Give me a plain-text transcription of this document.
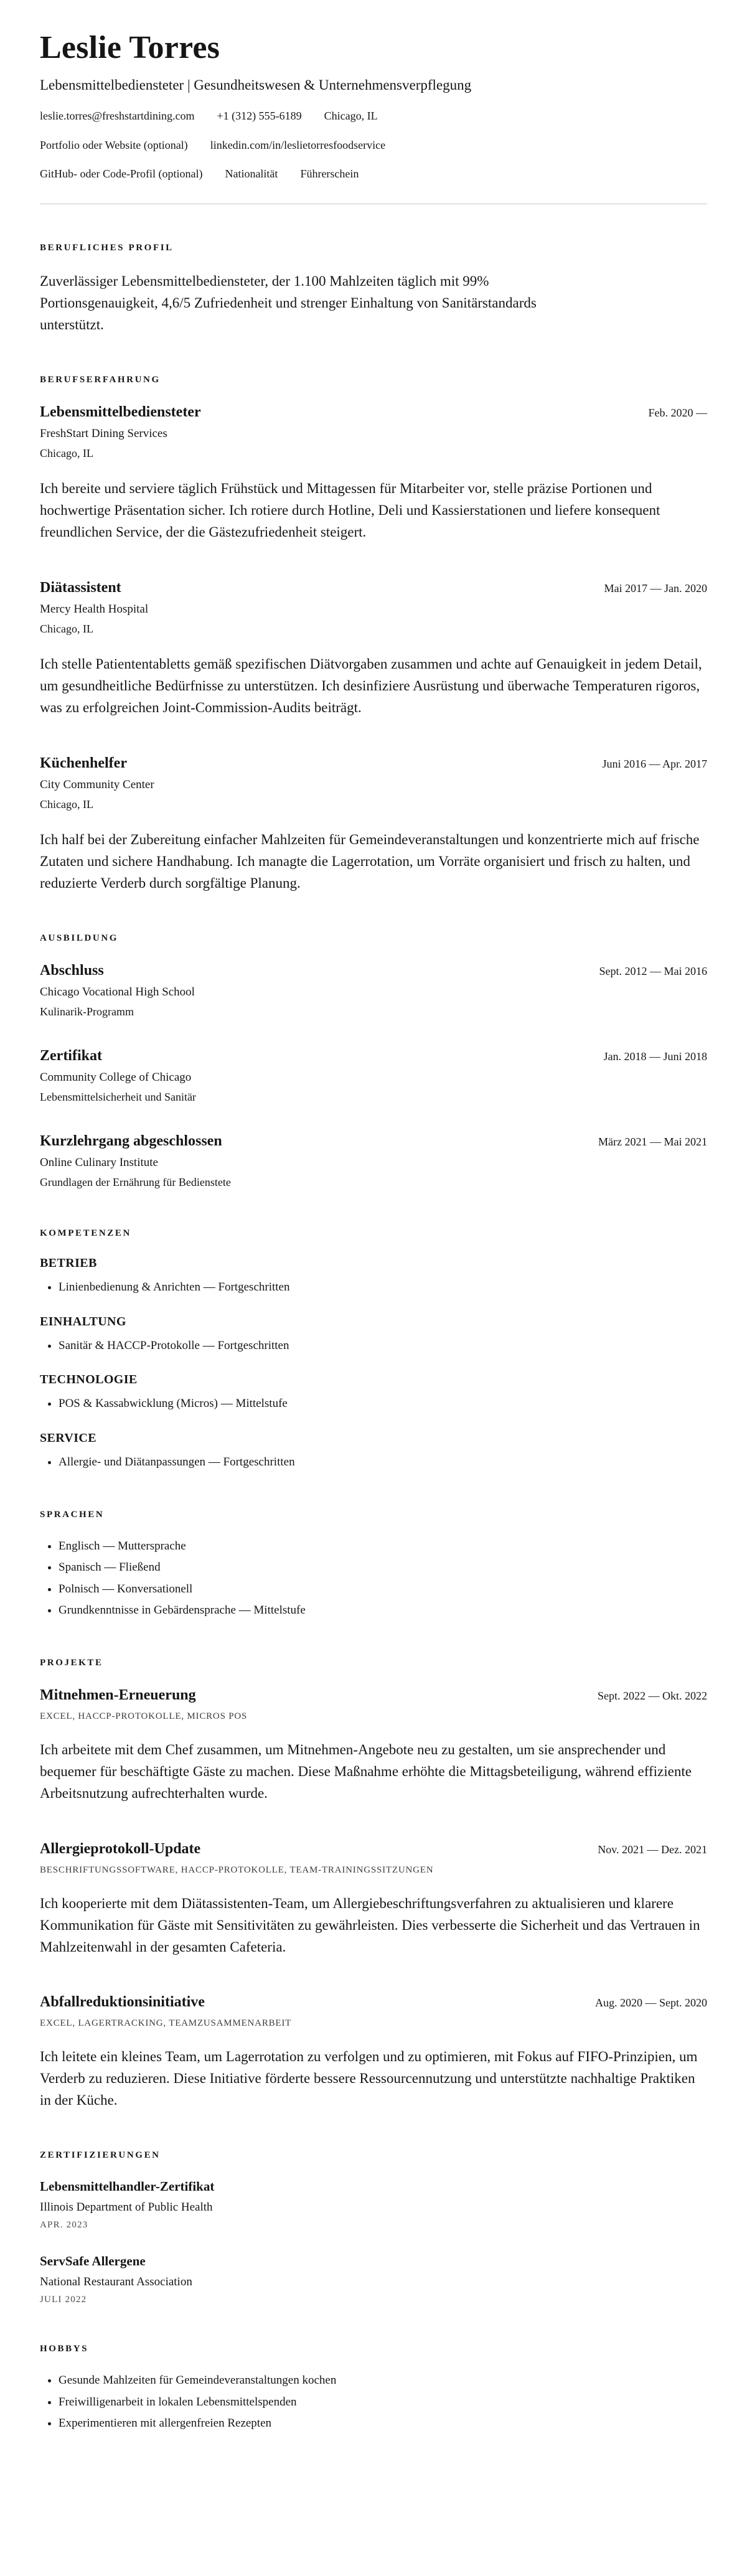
Leslie Torres

Lebensmittelbediensteter | Gesundheitswesen & Unternehmensverpflegung

leslie.torres@freshstartdining.com +1 (312) 555-6189 Chicago, IL
Portfolio oder Website (optional) linkedin.com/in/leslietorresfoodservice
GitHub- oder Code-Profil (optional) Nationalität Führerschein
BERUFLICHES PROFIL

Zuverlässiger Lebensmittelbediensteter, der 1.100 Mahlzeiten täglich mit 99% Portionsgenauigkeit, 4,6/5 Zufriedenheit und strenger Einhaltung von Sanitärstandards unterstützt.

BERUFSERFAHRUNG
Lebensmittelbediensteter	Feb. 2020 —

FreshStart Dining Services

Chicago, IL

Ich bereite und serviere täglich Frühstück und Mittagessen für Mitarbeiter vor, stelle präzise Portionen und hochwertige Präsentation sicher. Ich rotiere durch Hotline, Deli und Kassierstationen und liefere konsequent freundlichen Service, der die Gästezufriedenheit steigert.

Diätassistent	Mai 2017 — Jan. 2020

Mercy Health Hospital

Chicago, IL

Ich stelle Patiententabletts gemäß spezifischen Diätvorgaben zusammen und achte auf Genauigkeit in jedem Detail, um gesundheitliche Bedürfnisse zu unterstützen. Ich desinfiziere Ausrüstung und überwache Temperaturen rigoros, was zu erfolgreichen Joint-Commission-Audits beiträgt.

Küchenhelfer	Juni 2016 — Apr. 2017

City Community Center

Chicago, IL

Ich half bei der Zubereitung einfacher Mahlzeiten für Gemeindeveranstaltungen und konzentrierte mich auf frische Zutaten und sichere Handhabung. Ich managte die Lagerrotation, um Vorräte organisiert und frisch zu halten, und reduzierte Verderb durch sorgfältige Planung.

AUSBILDUNG
Abschluss	Sept. 2012 — Mai 2016

Chicago Vocational High School

Kulinarik-Programm

Zertifikat	Jan. 2018 — Juni 2018

Community College of Chicago

Lebensmittelsicherheit und Sanitär

Kurzlehrgang abgeschlossen	März 2021 — Mai 2021

Online Culinary Institute

Grundlagen der Ernährung für Bedienstete

KOMPETENZEN
BETRIEB
• Linienbedienung & Anrichten — Fortgeschritten
EINHALTUNG
• Sanitär & HACCP-Protokolle — Fortgeschritten
TECHNOLOGIE
• POS & Kassabwicklung (Micros) — Mittelstufe
SERVICE
• Allergie- und Diätanpassungen — Fortgeschritten
SPRACHEN
• Englisch — Muttersprache
• Spanisch — Fließend
• Polnisch — Konversationell
• Grundkenntnisse in Gebärdensprache — Mittelstufe
PROJEKTE
Mitnehmen-Erneuerung	Sept. 2022 — Okt. 2022

EXCEL, HACCP-PROTOKOLLE, MICROS POS

Ich arbeitete mit dem Chef zusammen, um Mitnehmen-Angebote neu zu gestalten, um sie ansprechender und bequemer für beschäftigte Gäste zu machen. Diese Maßnahme erhöhte die Mittagsbeteiligung, während effiziente Arbeitsnutzung aufrechterhalten wurde.

Allergieprotokoll-Update	Nov. 2021 — Dez. 2021

BESCHRIFTUNGSSOFTWARE, HACCP-PROTOKOLLE, TEAM-TRAININGSSITZUNGEN

Ich kooperierte mit dem Diätassistenten-Team, um Allergiebeschriftungsverfahren zu aktualisieren und klarere Kommunikation für Gäste mit Sensitivitäten zu gewährleisten. Dies verbesserte die Sicherheit und das Vertrauen in Mahlzeitenwahl in der gesamten Cafeteria.

Abfallreduktionsinitiative	Aug. 2020 — Sept. 2020

EXCEL, LAGERTRACKING, TEAMZUSAMMENARBEIT

Ich leitete ein kleines Team, um Lagerrotation zu verfolgen und zu optimieren, mit Fokus auf FIFO-Prinzipien, um Verderb zu reduzieren. Diese Initiative förderte bessere Ressourcennutzung und unterstützte nachhaltige Praktiken in der Küche.

ZERTIFIZIERUNGEN
Lebensmittelhandler-Zertifikat

Illinois Department of Public Health

APR. 2023

ServSafe Allergene

National Restaurant Association

JULI 2022

HOBBYS
• Gesunde Mahlzeiten für Gemeindeveranstaltungen kochen
• Freiwilligenarbeit in lokalen Lebensmittelspenden
• Experimentieren mit allergenfreien Rezepten
